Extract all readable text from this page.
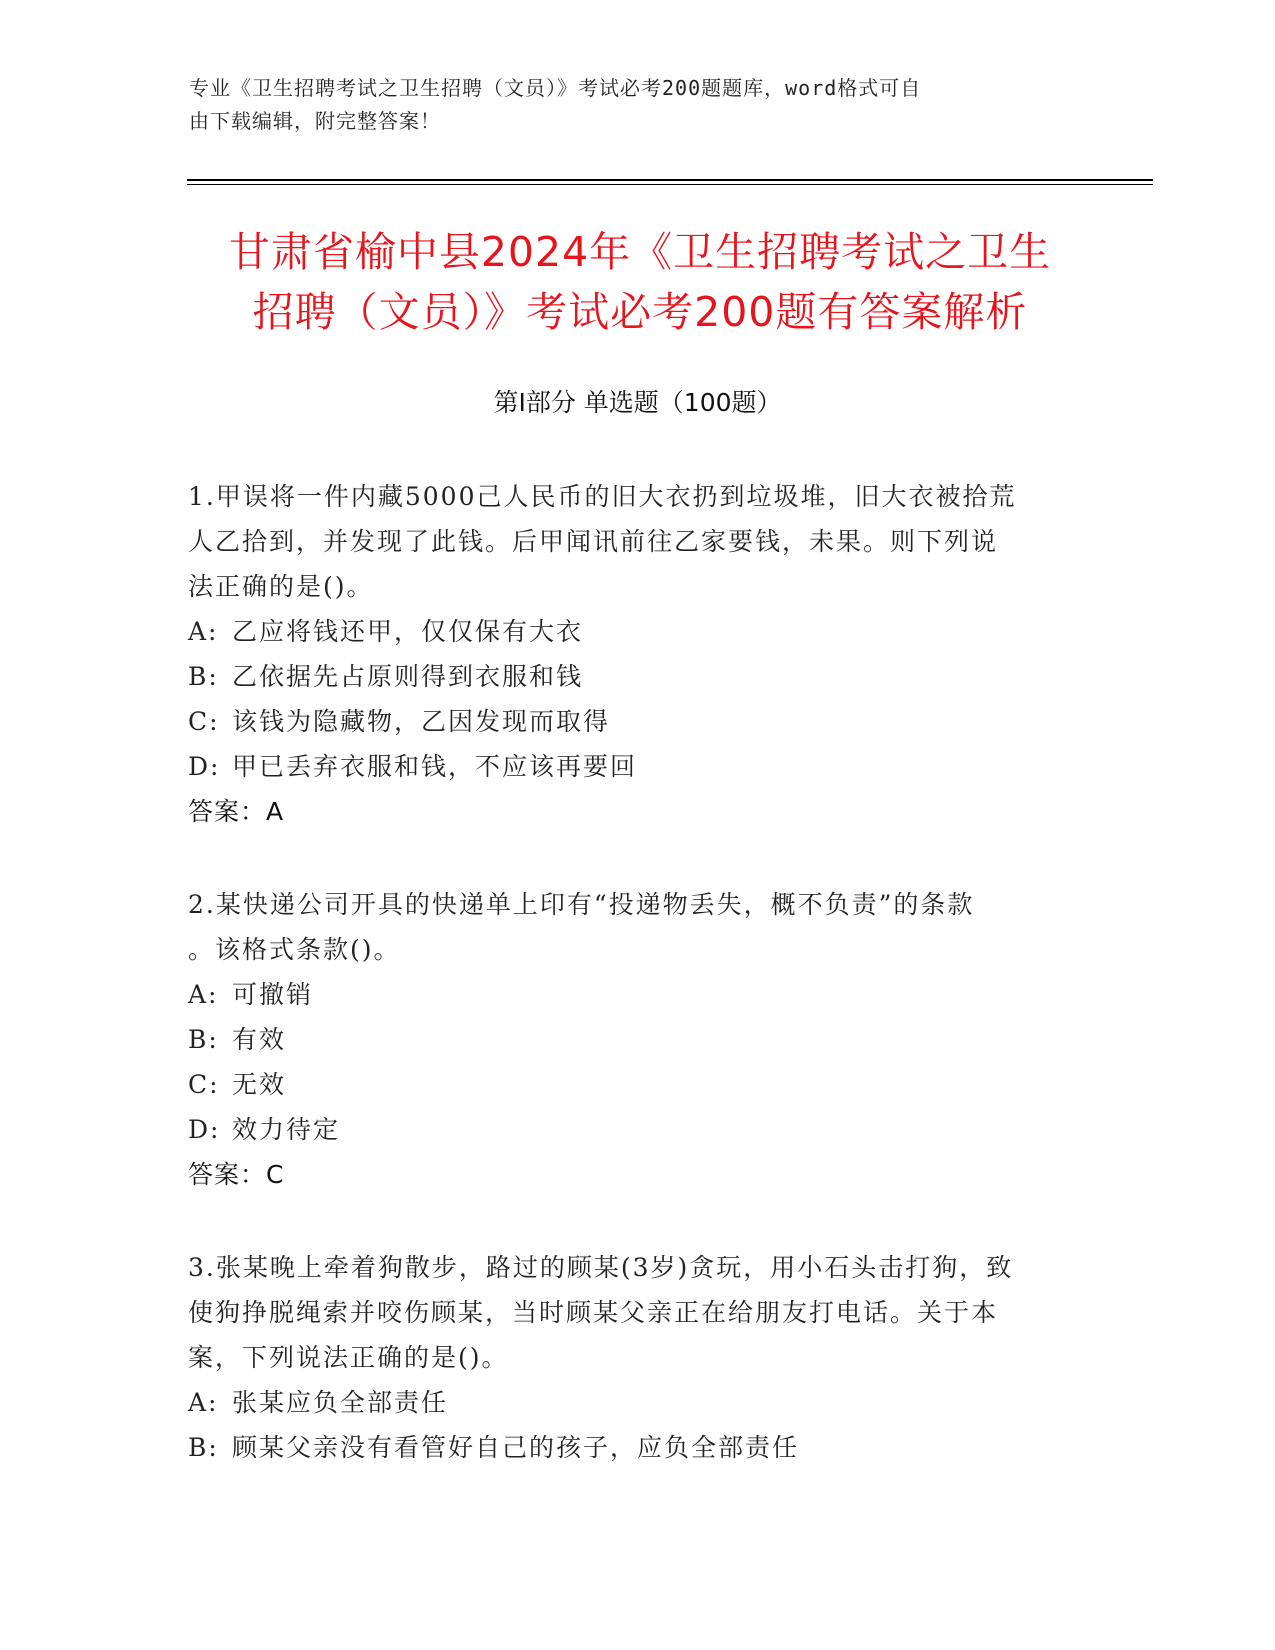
专业《卫生招聘考试之卫生招聘（文员）》考试必考200题题库，word格式可自
由下载编辑，附完整答案！
甘肃省榆中县2024年《卫生招聘考试之卫生
招聘（文员）》考试必考200题有答案解析
第Ⅰ部分 单选题（100题）
1.甲误将一件内藏5000己人民币的旧大衣扔到垃圾堆，旧大衣被拾荒
人乙拾到，并发现了此钱。后甲闻讯前往乙家要钱，未果。则下列说
法正确的是()。
A: 乙应将钱还甲，仅仅保有大衣
B: 乙依据先占原则得到衣服和钱
C: 该钱为隐藏物，乙因发现而取得
D: 甲已丢弃衣服和钱，不应该再要回
答案：A
2.某快递公司开具的快递单上印有“投递物丢失，概不负责”的条款
。该格式条款()。
A: 可撤销
B: 有效
C: 无效
D: 效力待定
答案：C
3.张某晚上牵着狗散步，路过的顾某(3岁)贪玩，用小石头击打狗，致
使狗挣脱绳索并咬伤顾某，当时顾某父亲正在给朋友打电话。关于本
案，下列说法正确的是()。
A: 张某应负全部责任
B: 顾某父亲没有看管好自己的孩子，应负全部责任
